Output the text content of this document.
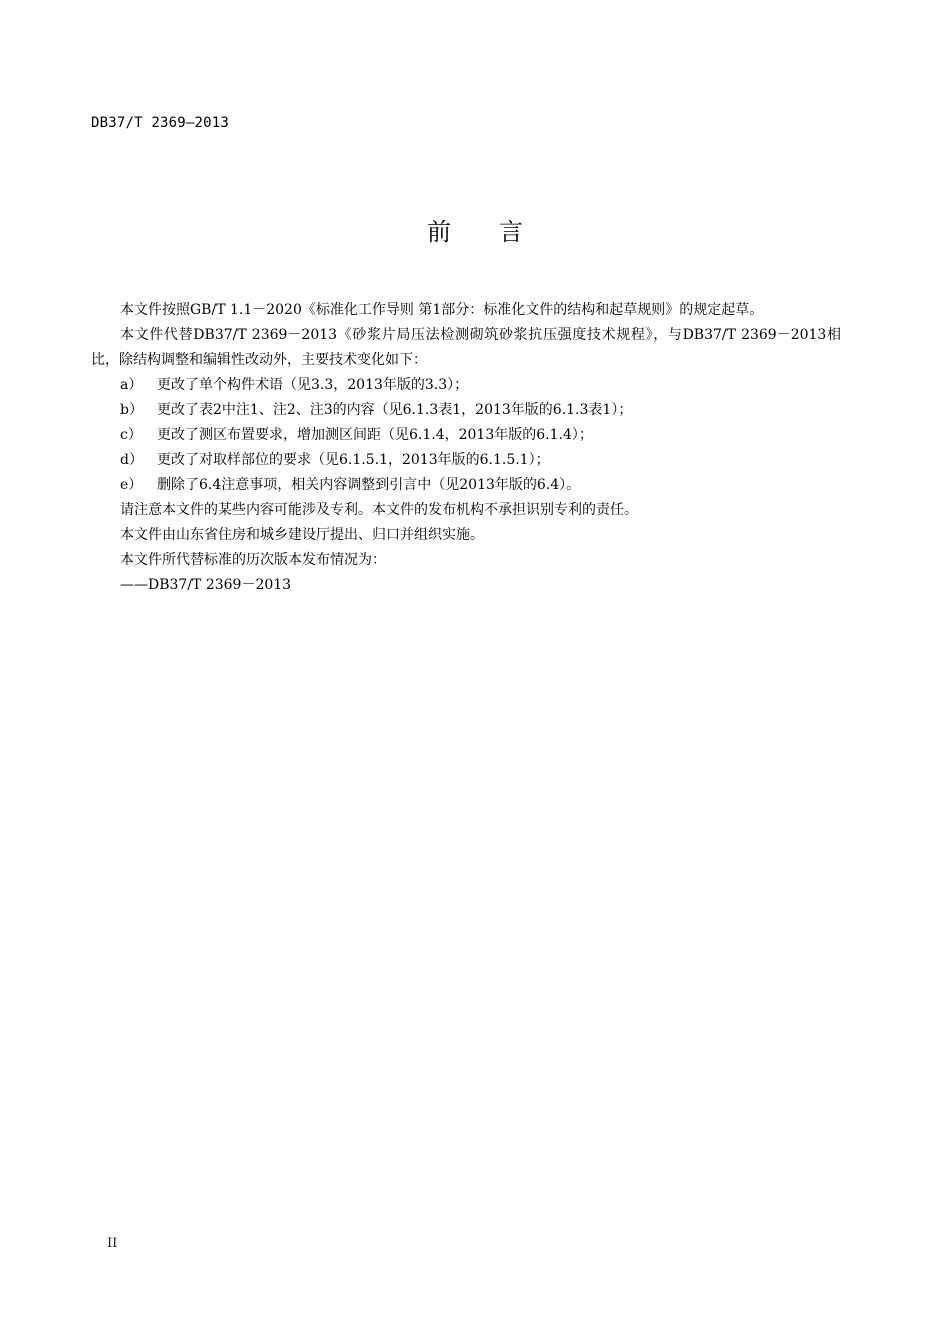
DB37/T 2369—2013
前　　言

本文件按照GB/T 1.1－2020《标准化工作导则 第1部分：标准化文件的结构和起草规则》的规定起草。

本文件代替DB37/T 2369－2013《砂浆片局压法检测砌筑砂浆抗压强度技术规程》，与DB37/T 2369－2013相比，除结构调整和编辑性改动外，主要技术变化如下：

a） 更改了单个构件术语（见3.3，2013年版的3.3）；

b） 更改了表2中注1、注2、注3的内容（见6.1.3表1，2013年版的6.1.3表1）；

c） 更改了测区布置要求，增加测区间距（见6.1.4，2013年版的6.1.4）；

d） 更改了对取样部位的要求（见6.1.5.1，2013年版的6.1.5.1）；

e） 删除了6.4注意事项，相关内容调整到引言中（见2013年版的6.4）。

请注意本文件的某些内容可能涉及专利。本文件的发布机构不承担识别专利的责任。

本文件由山东省住房和城乡建设厅提出、归口并组织实施。

本文件所代替标准的历次版本发布情况为：

——DB37/T 2369－2013

II
